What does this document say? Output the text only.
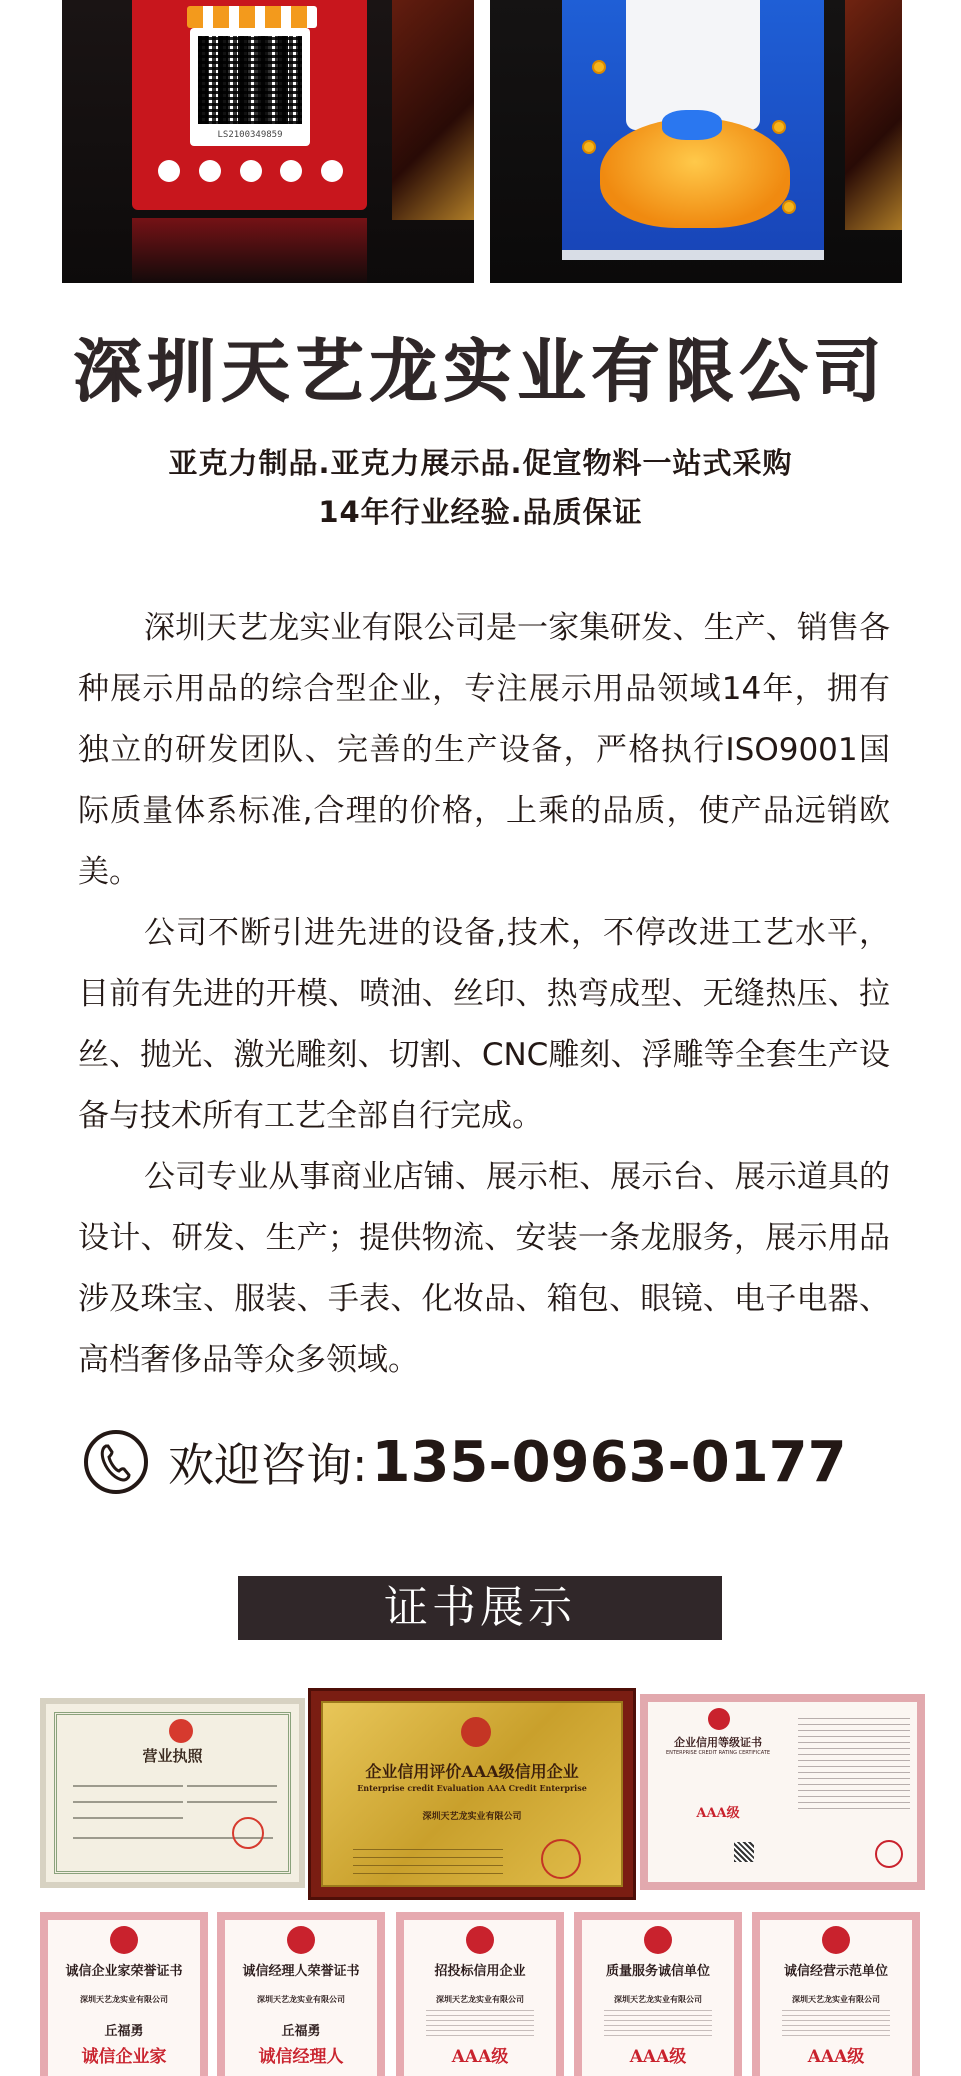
LS2100349859
深圳天艺龙实业有限公司
亚克力制品.亚克力展示品.促宣物料一站式采购
14年行业经验.品质保证

深圳天艺龙实业有限公司是一家集研发、生产、销售各种展示用品的综合型企业，专注展示用品领域14年，拥有独立的研发团队、完善的生产设备，严格执行ISO9001国际质量体系标准,合理的价格，上乘的品质，使产品远销欧美。

公司不断引进先进的设备,技术，不停改进工艺水平，目前有先进的开模、喷油、丝印、热弯成型、无缝热压、拉丝、抛光、激光雕刻、切割、CNC雕刻、浮雕等全套生产设备与技术所有工艺全部自行完成。

公司专业从事商业店铺、展示柜、展示台、展示道具的设计、研发、生产；提供物流、安装一条龙服务，展示用品涉及珠宝、服装、手表、化妆品、箱包、眼镜、电子电器、高档奢侈品等众多领域。

欢迎咨询: 135-0963-0177
证书展示
营业执照
企业信用评价AAA级信用企业
Enterprise credit Evaluation AAA Credit Enterprise
深圳天艺龙实业有限公司
企业信用等级证书
ENTERPRISE CREDIT RATING CERTIFICATE
AAA级
诚信企业家荣誉证书
深圳天艺龙实业有限公司
丘福勇
诚信企业家
诚信经理人荣誉证书
深圳天艺龙实业有限公司
丘福勇
诚信经理人
招投标信用企业
深圳天艺龙实业有限公司
AAA级
质量服务诚信单位
深圳天艺龙实业有限公司
AAA级
诚信经营示范单位
深圳天艺龙实业有限公司
AAA级
